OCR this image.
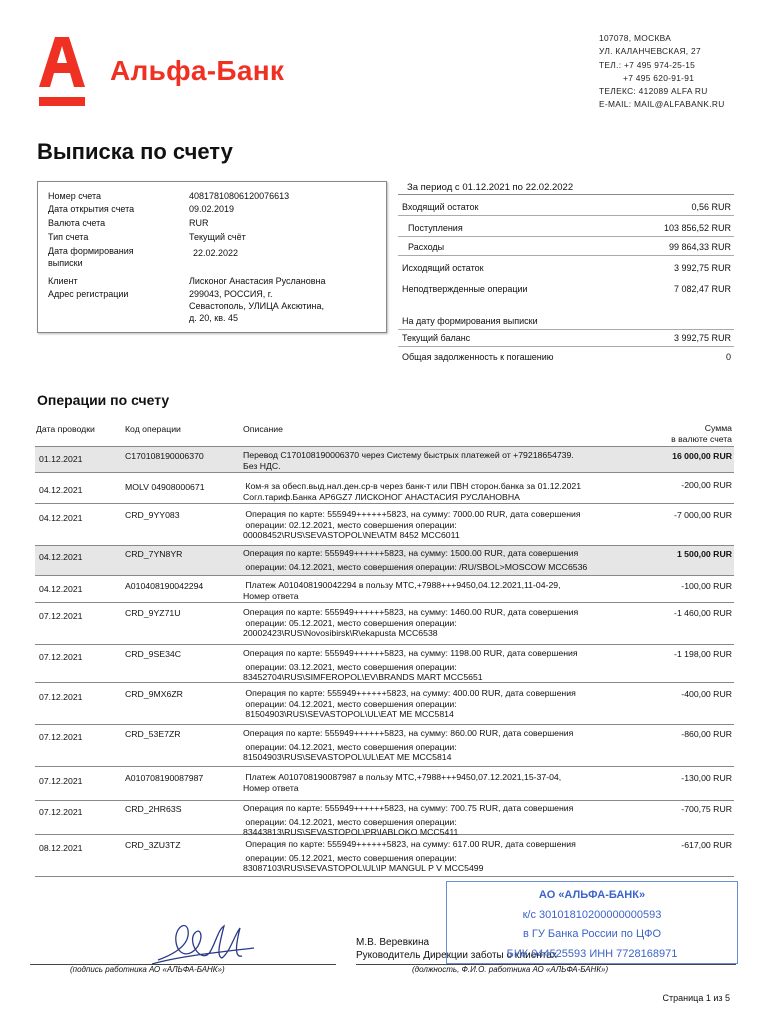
Альфа-Банк
107078, МОСКВА
УЛ. КАЛАНЧЕВСКАЯ, 27
ТЕЛ.: +7 495 974-25-15
+7 495 620-91-91
ТЕЛЕКС: 412089 ALFA RU
E-MAIL: MAIL@ALFABANK.RU
Выписка по счету
Номер счета	40817810806120076613
Дата открытия счета	09.02.2019
Валюта счета	RUR
Тип счета	Текущий счёт
Дата формирования
выписки
22.02.2022
Клиент	Лисконог Анастасия Руслановна
Адрес регистрации	299043, РОССИЯ, г.
Севастополь, УЛИЦА Аксютина,
д. 20, кв. 45
За период с 01.12.2021 по 22.02.2022
Входящий остаток	0,56 RUR
Поступления	103 856,52 RUR
Расходы	99 864,33 RUR
Исходящий остаток	3 992,75 RUR
Неподтвержденные операции	7 082,47 RUR
На дату формирования выписки
Текущий баланс	3 992,75 RUR
Общая задолженность к погашению	0
Операции по счету
Дата проводки	Код операции	Описание	Сумма
в валюте счета
01.12.2021	C170108190006370	Перевод C170108190006370 через Систему быстрых платежей от +79218654739.
Без НДС.
16 000,00 RUR
04.12.2021	MOLV 04908000671	Ком-я за обесп.выд.нал.ден.ср-в через банк-т или ПВН сторон.банка за 01.12.2021
Согл.тариф.Банка AP6GZ7 ЛИСКОНОГ АНАСТАСИЯ РУСЛАНОВНА
-200,00 RUR
04.12.2021	CRD_9YY083	Операция по карте: 555949++++++5823, на сумму: 7000.00 RUR, дата совершения
операции: 02.12.2021, место совершения операции:
00008452\RUS\SEVASTOPOL\NE\ATM 8452 MCC6011
-7 000,00 RUR
04.12.2021	CRD_7YN8YR	Операция по карте: 555949++++++5823, на сумму: 1500.00 RUR, дата совершения
операции: 04.12.2021, место совершения операции: /RU/SBOL>MOSCOW MCC6536
1 500,00 RUR
04.12.2021	A010408190042294	Платеж A010408190042294 в пользу МТС,+7988+++9450,04.12.2021,11-04-29,
Номер ответа
-100,00 RUR
07.12.2021	CRD_9YZ71U	Операция по карте: 555949++++++5823, на сумму: 1460.00 RUR, дата совершения
операции: 05.12.2021, место совершения операции:
20002423\RUS\Novosibirsk\R\ekapusta MCC6538
-1 460,00 RUR
07.12.2021	CRD_9SE34C	Операция по карте: 555949++++++5823, на сумму: 1198.00 RUR, дата совершения
операции: 03.12.2021, место совершения операции:
83452704\RUS\SIMFEROPOL\EV\BRANDS MART MCC5651
-1 198,00 RUR
07.12.2021	CRD_9MX6ZR	Операция по карте: 555949++++++5823, на сумму: 400.00 RUR, дата совершения
операции: 04.12.2021, место совершения операции:
81504903\RUS\SEVASTOPOL\UL\EAT ME MCC5814
-400,00 RUR
07.12.2021	CRD_53E7ZR	Операция по карте: 555949++++++5823, на сумму: 860.00 RUR, дата совершения
операции: 04.12.2021, место совершения операции:
81504903\RUS\SEVASTOPOL\UL\EAT ME MCC5814
-860,00 RUR
07.12.2021	A010708190087987	Платеж A010708190087987 в пользу МТС,+7988+++9450,07.12.2021,15-37-04,
Номер ответа
-130,00 RUR
07.12.2021	CRD_2HR63S	Операция по карте: 555949++++++5823, на сумму: 700.75 RUR, дата совершения
операции: 04.12.2021, место совершения операции:
83443813\RUS\SEVASTOPOL\PR\IABLOKO MCC5411
-700,75 RUR
08.12.2021	CRD_3ZU3TZ	Операция по карте: 555949++++++5823, на сумму: 617.00 RUR, дата совершения
операции: 05.12.2021, место совершения операции:
83087103\RUS\SEVASTOPOL\UL\IP MANGUL P V MCC5499
-617,00 RUR
(подпись работника АО «АЛЬФА-БАНК»)	(должность, Ф.И.О. работника АО «АЛЬФА-БАНК»)
М.В. Веревкина
Руководитель Дирекции заботы о клиентах
АО «АЛЬФА-БАНК»
к/с 30101810200000000593
в ГУ Банка России по ЦФО
БИК 044525593 ИНН 7728168971
Страница 1 из 5
